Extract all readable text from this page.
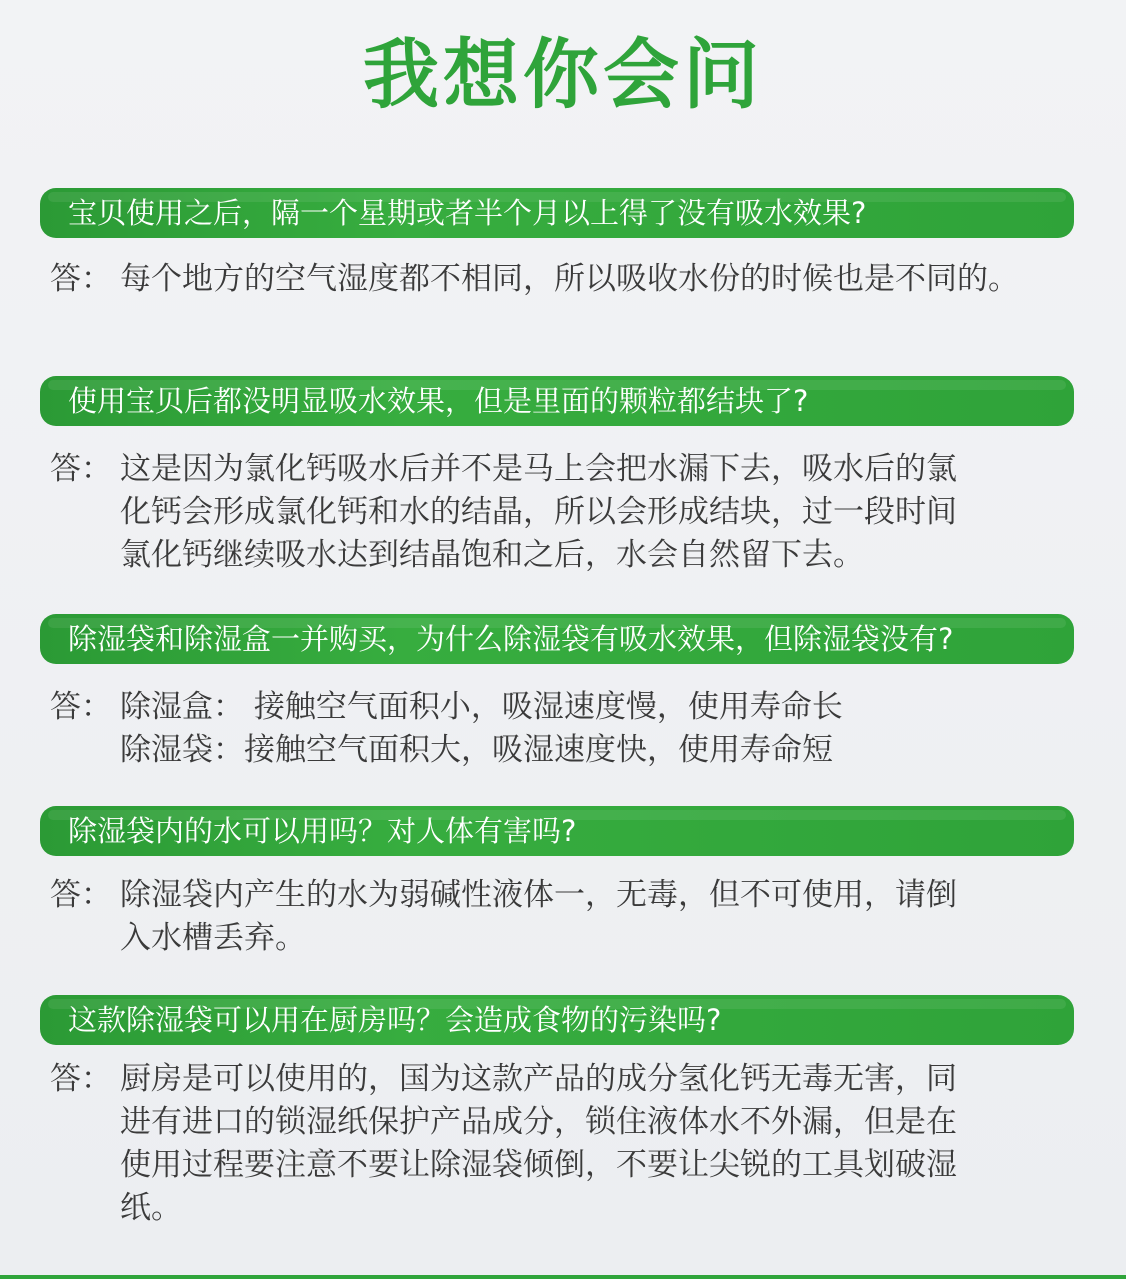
我想你会问
宝贝使用之后，隔一个星期或者半个月以上得了没有吸水效果?
答： 每个地方的空气湿度都不相同，所以吸收水份的时候也是不同的。
使用宝贝后都没明显吸水效果，但是里面的颗粒都结块了?
答： 这是因为氯化钙吸水后并不是马上会把水漏下去，吸水后的氯
化钙会形成氯化钙和水的结晶，所以会形成结块，过一段时间
氯化钙继续吸水达到结晶饱和之后，水会自然留下去。
除湿袋和除湿盒一并购买，为什么除湿袋有吸水效果，但除湿袋没有?
答： 除湿盒： 接触空气面积小，吸湿速度慢，使用寿命长
除湿袋：接触空气面积大，吸湿速度快，使用寿命短
除湿袋内的水可以用吗？对人体有害吗?
答： 除湿袋内产生的水为弱碱性液体一，无毒，但不可使用，请倒
入水槽丢弃。
这款除湿袋可以用在厨房吗？会造成食物的污染吗?
答： 厨房是可以使用的，国为这款产品的成分氢化钙无毒无害，同
进有进口的锁湿纸保护产品成分，锁住液体水不外漏，但是在
使用过程要注意不要让除湿袋倾倒，不要让尖锐的工具划破湿
纸。
